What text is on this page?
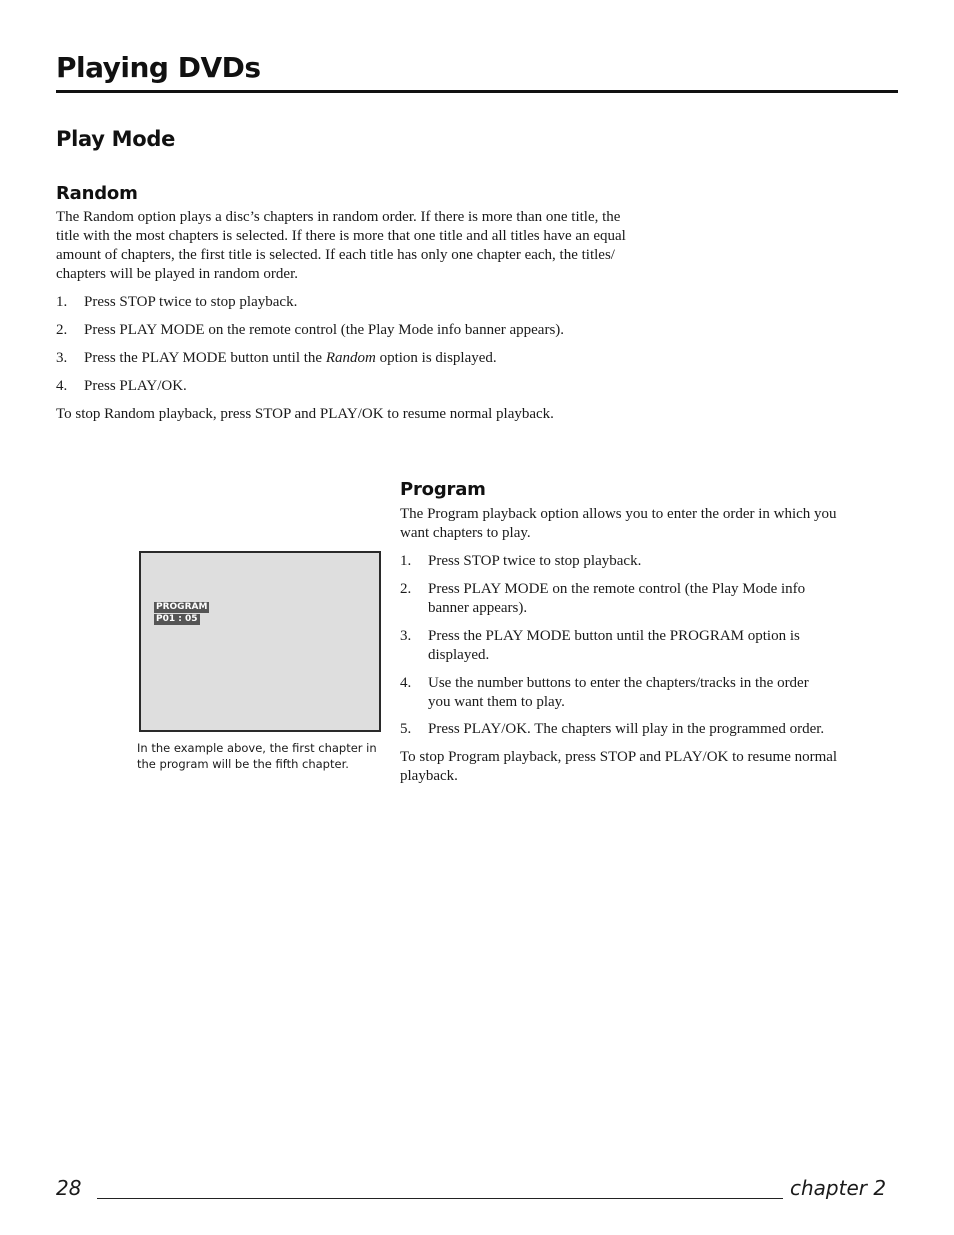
Playing DVDs
Play Mode
Random
The Random option plays a disc’s chapters in random order. If there is more than one title, the
title with the most chapters is selected. If there is more that one title and all titles have an equal
amount of chapters, the first title is selected. If each title has only one chapter each, the titles/
chapters will be played in random order.
1. Press STOP twice to stop playback.
2. Press PLAY MODE on the remote control (the Play Mode info banner appears).
3. Press the PLAY MODE button until the Random option is displayed.
4. Press PLAY/OK.
To stop Random playback, press STOP and PLAY/OK to resume normal playback.
PROGRAM
P01 : 05
In the example above, the first chapter in
the program will be the fifth chapter.
Program
The Program playback option allows you to enter the order in which you
want chapters to play.
1. Press STOP twice to stop playback.
2. Press PLAY MODE on the remote control (the Play Mode info
banner appears).
3. Press the PLAY MODE button until the PROGRAM option is
displayed.
4. Use the number buttons to enter the chapters/tracks in the order
you want them to play.
5. Press PLAY/OK. The chapters will play in the programmed order.
To stop Program playback, press STOP and PLAY/OK to resume normal
playback.
28	chapter 2
